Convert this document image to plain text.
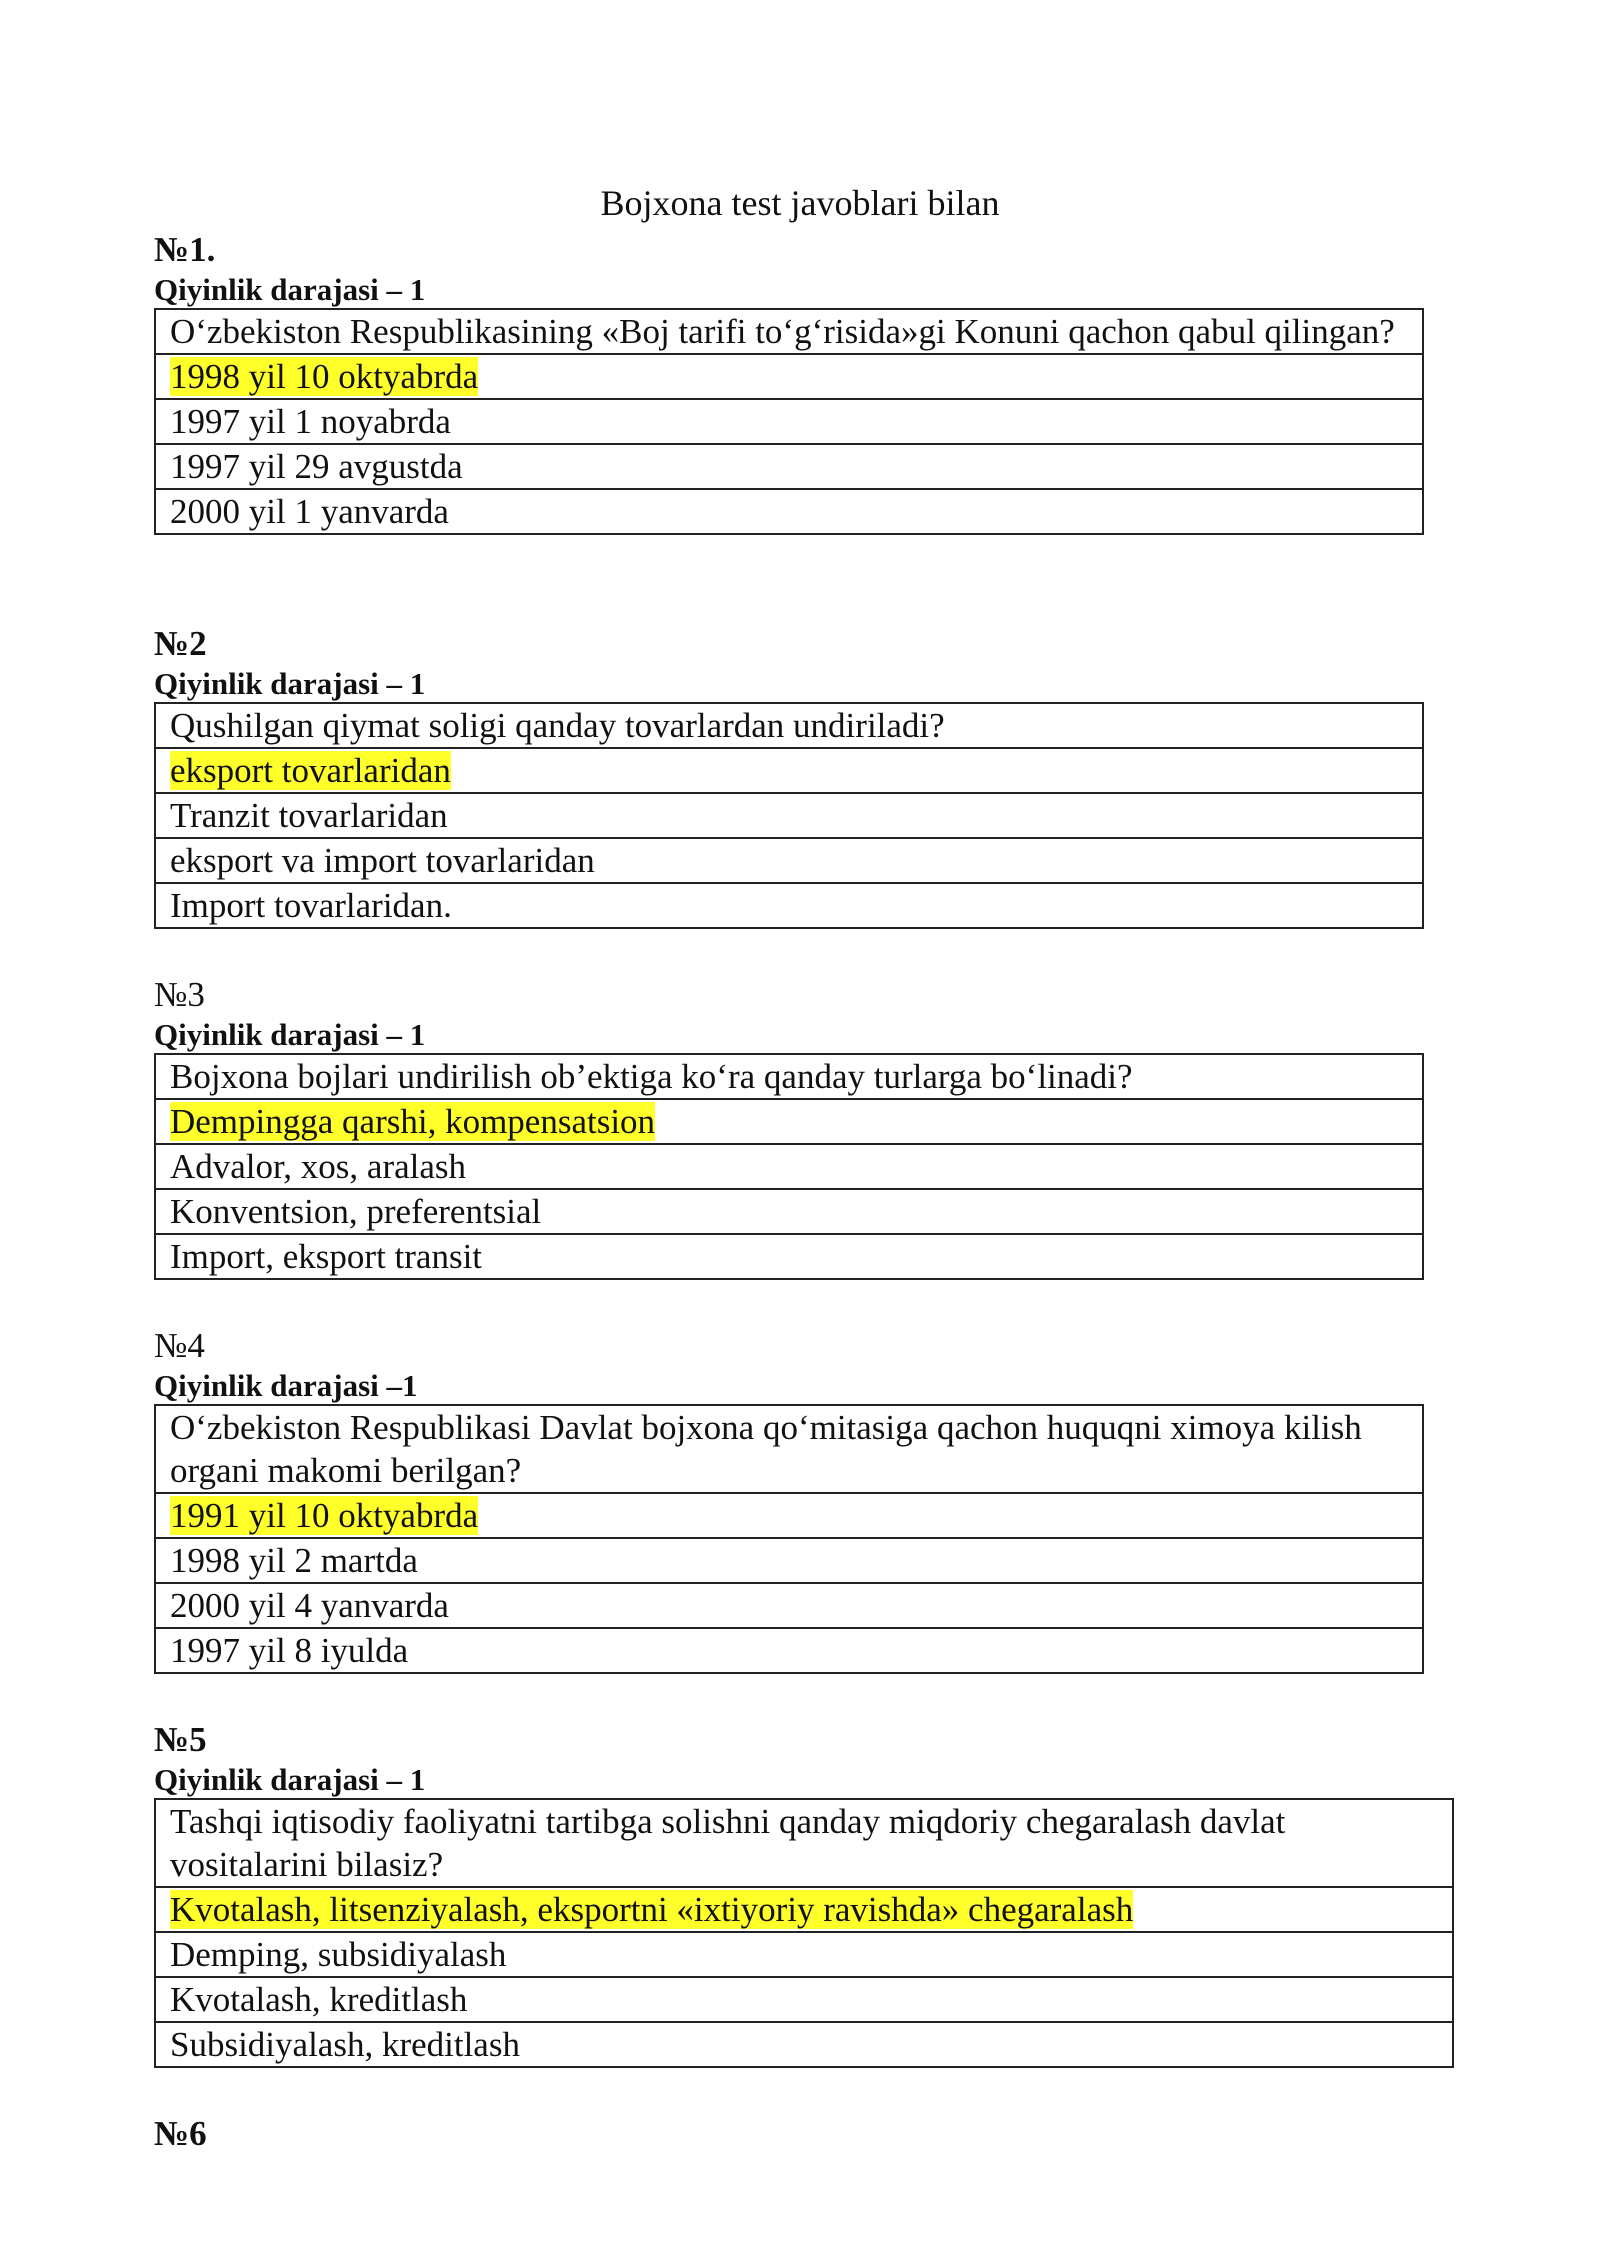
Bojxona test javoblari bilan
№1.
Qiyinlik darajasi – 1
O‘zbekiston Respublikasining «Boj tarifi to‘g‘risida»gi Konuni qachon qabul qilingan?
1998 yil 10 oktyabrda
1997 yil 1 noyabrda
1997 yil 29 avgustda
2000 yil 1 yanvarda
№2
Qiyinlik darajasi – 1
Qushilgan qiymat soligi qanday tovarlardan undiriladi?
eksport tovarlaridan
Tranzit tovarlaridan
eksport va import tovarlaridan
Import tovarlaridan.
№3
Qiyinlik darajasi – 1
Bojxona bojlari undirilish ob’ektiga ko‘ra qanday turlarga bo‘linadi?
Dempingga qarshi, kompensatsion
Advalor, xos, aralash
Konventsion, preferentsial
Import, eksport transit
№4
Qiyinlik darajasi –1
O‘zbekiston Respublikasi Davlat bojxona qo‘mitasiga qachon huquqni ximoya kilish organi makomi berilgan?
1991 yil 10 oktyabrda
1998 yil 2 martda
2000 yil 4 yanvarda
1997 yil 8 iyulda
№5
Qiyinlik darajasi – 1
Tashqi iqtisodiy faoliyatni tartibga solishni qanday miqdoriy chegaralash davlat vositalarini bilasiz?
Kvotalash, litsenziyalash, eksportni «ixtiyoriy ravishda» chegaralash
Demping, subsidiyalash
Kvotalash, kreditlash
Subsidiyalash, kreditlash
№6
